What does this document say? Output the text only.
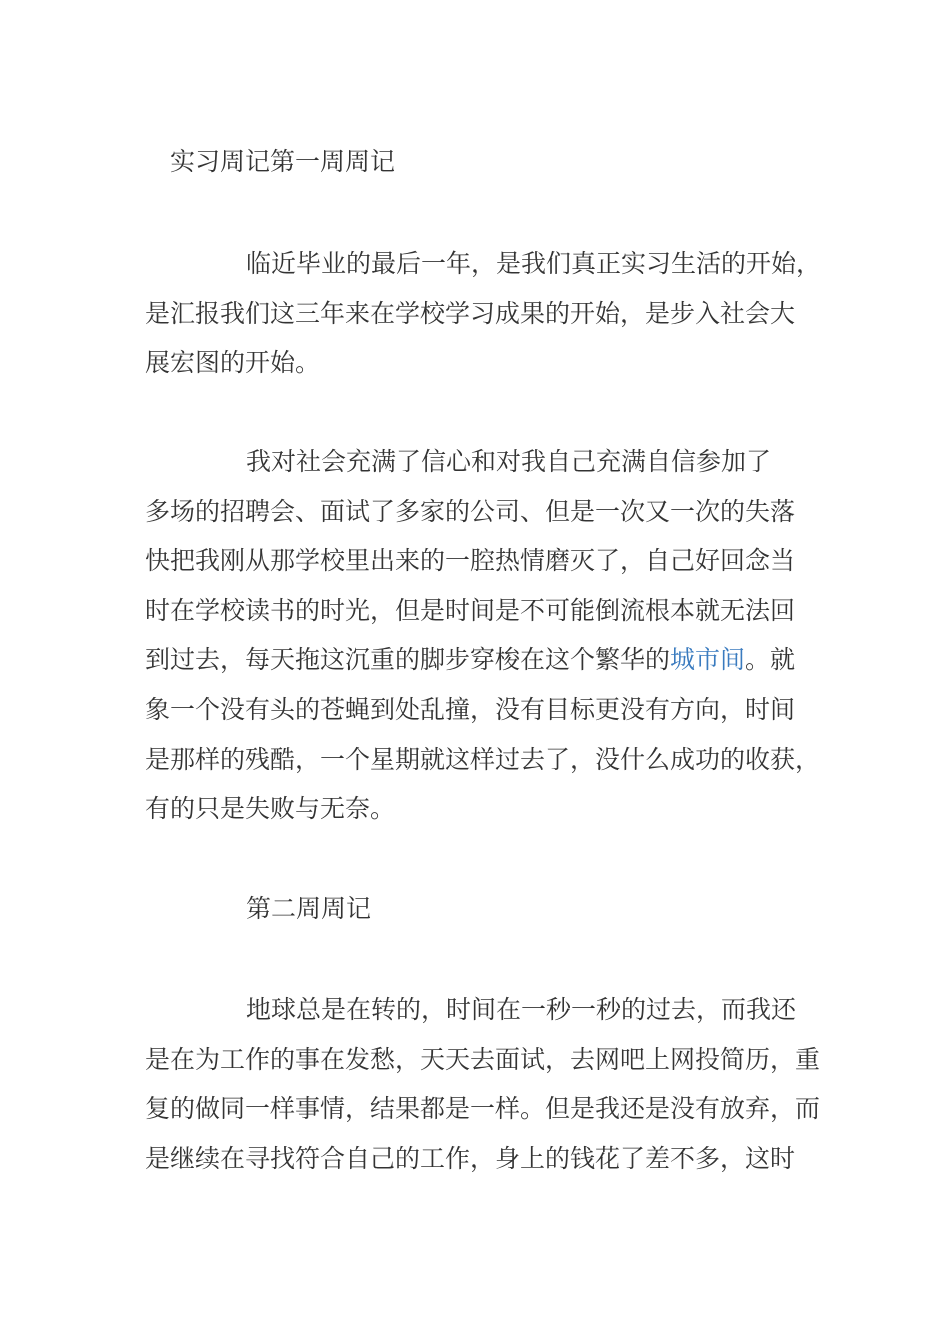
实习周记第一周周记
临近毕业的最后一年，是我们真正实习生活的开始，
是汇报我们这三年来在学校学习成果的开始，是步入社会大
展宏图的开始。
我对社会充满了信心和对我自己充满自信参加了
多场的招聘会、面试了多家的公司、但是一次又一次的失落
快把我刚从那学校里出来的一腔热情磨灭了，自己好回念当
时在学校读书的时光，但是时间是不可能倒流根本就无法回
到过去，每天拖这沉重的脚步穿梭在这个繁华的城市间。就
象一个没有头的苍蝇到处乱撞，没有目标更没有方向，时间
是那样的残酷，一个星期就这样过去了，没什么成功的收获，
有的只是失败与无奈。
第二周周记
地球总是在转的，时间在一秒一秒的过去，而我还
是在为工作的事在发愁，天天去面试，去网吧上网投简历，重
复的做同一样事情，结果都是一样。但是我还是没有放弃，而
是继续在寻找符合自己的工作，身上的钱花了差不多，这时
